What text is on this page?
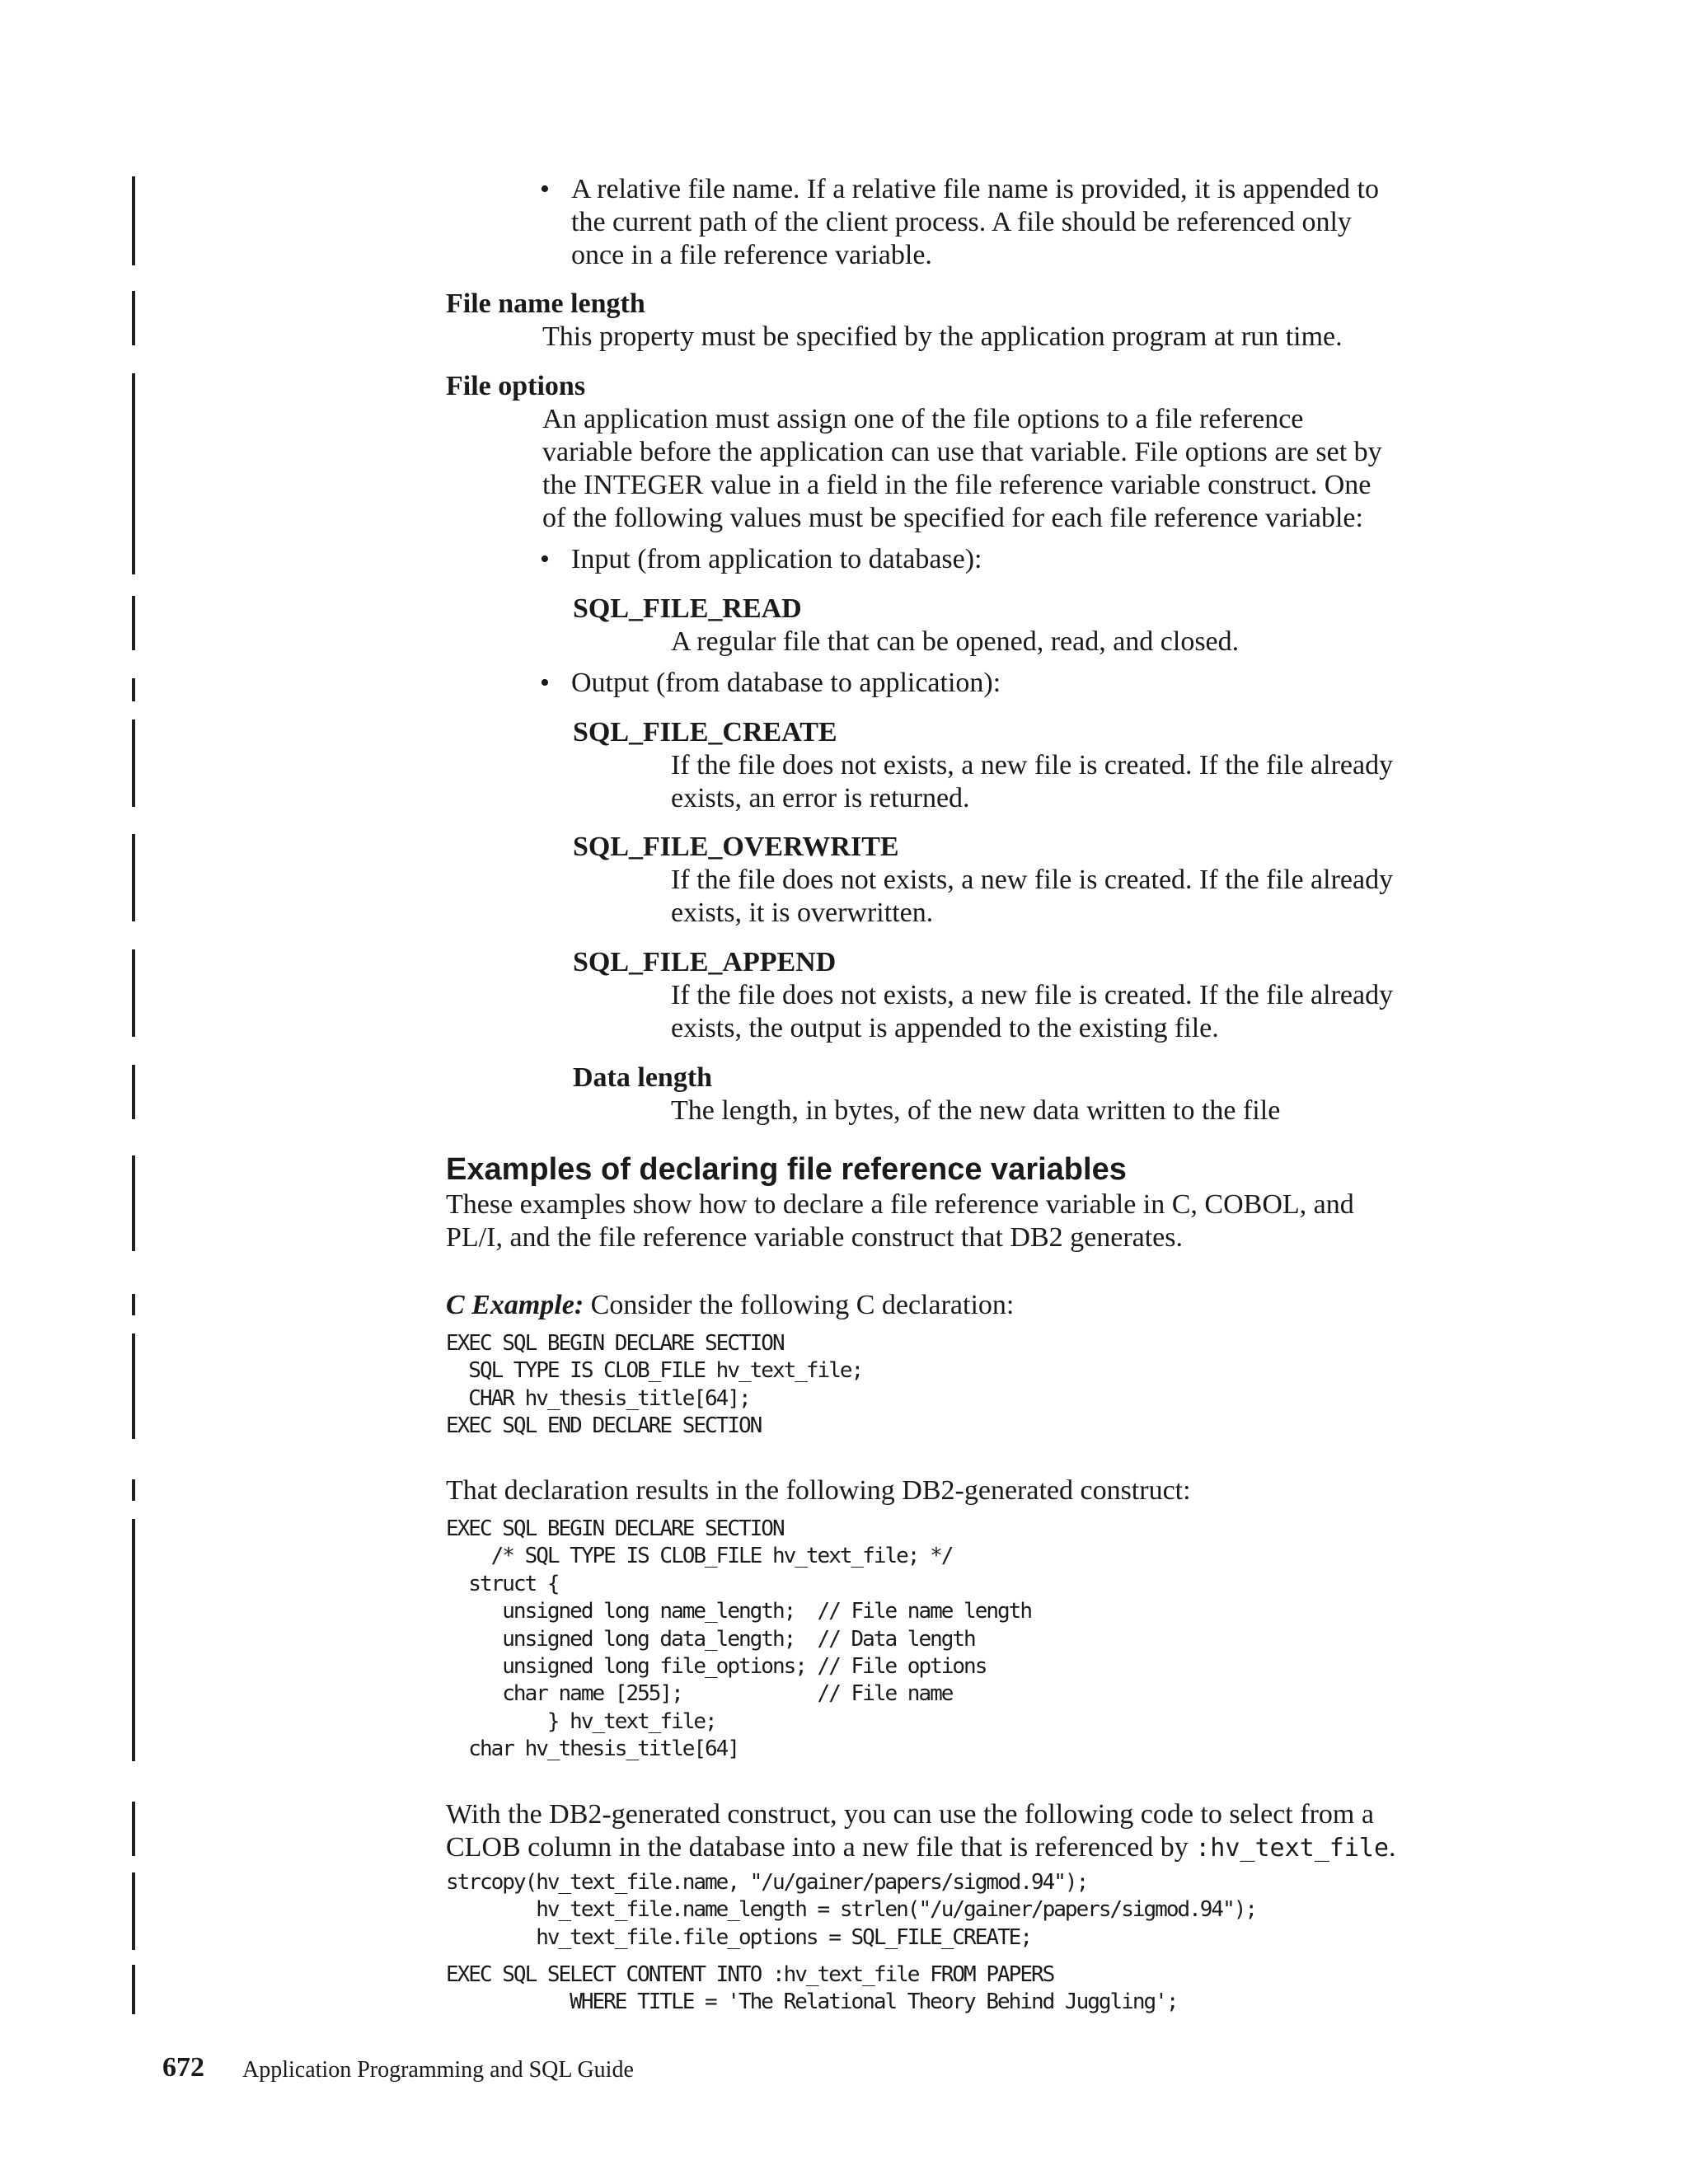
• A relative file name. If a relative file name is provided, it is appended to

the current path of the client process. A file should be referenced only

once in a file reference variable.

File name length

This property must be specified by the application program at run time.

File options

An application must assign one of the file options to a file reference

variable before the application can use that variable. File options are set by

the INTEGER value in a field in the file reference variable construct. One

of the following values must be specified for each file reference variable:

• Input (from application to database):

SQL_FILE_READ

A regular file that can be opened, read, and closed.

• Output (from database to application):

SQL_FILE_CREATE

If the file does not exists, a new file is created. If the file already

exists, an error is returned.

SQL_FILE_OVERWRITE

If the file does not exists, a new file is created. If the file already

exists, it is overwritten.

SQL_FILE_APPEND

If the file does not exists, a new file is created. If the file already

exists, the output is appended to the existing file.

Data length

The length, in bytes, of the new data written to the file

Examples of declaring file reference variables

These examples show how to declare a file reference variable in C, COBOL, and

PL/I, and the file reference variable construct that DB2 generates.

C Example: Consider the following C declaration:

EXEC SQL BEGIN DECLARE SECTION
SQL TYPE IS CLOB_FILE hv_text_file;
CHAR hv_thesis_title[64];
EXEC SQL END DECLARE SECTION

That declaration results in the following DB2-generated construct:

EXEC SQL BEGIN DECLARE SECTION
/* SQL TYPE IS CLOB_FILE hv_text_file; */
struct {
unsigned long name_length;  // File name length
unsigned long data_length;  // Data length
unsigned long file_options; // File options
char name [255];            // File name
} hv_text_file;
char hv_thesis_title[64]

With the DB2-generated construct, you can use the following code to select from a

CLOB column in the database into a new file that is referenced by :hv_text_file.

strcopy(hv_text_file.name, "/u/gainer/papers/sigmod.94");
hv_text_file.name_length = strlen("/u/gainer/papers/sigmod.94");
hv_text_file.file_options = SQL_FILE_CREATE;
EXEC SQL SELECT CONTENT INTO :hv_text_file FROM PAPERS
WHERE TITLE = 'The Relational Theory Behind Juggling';
672 Application Programming and SQL Guide
